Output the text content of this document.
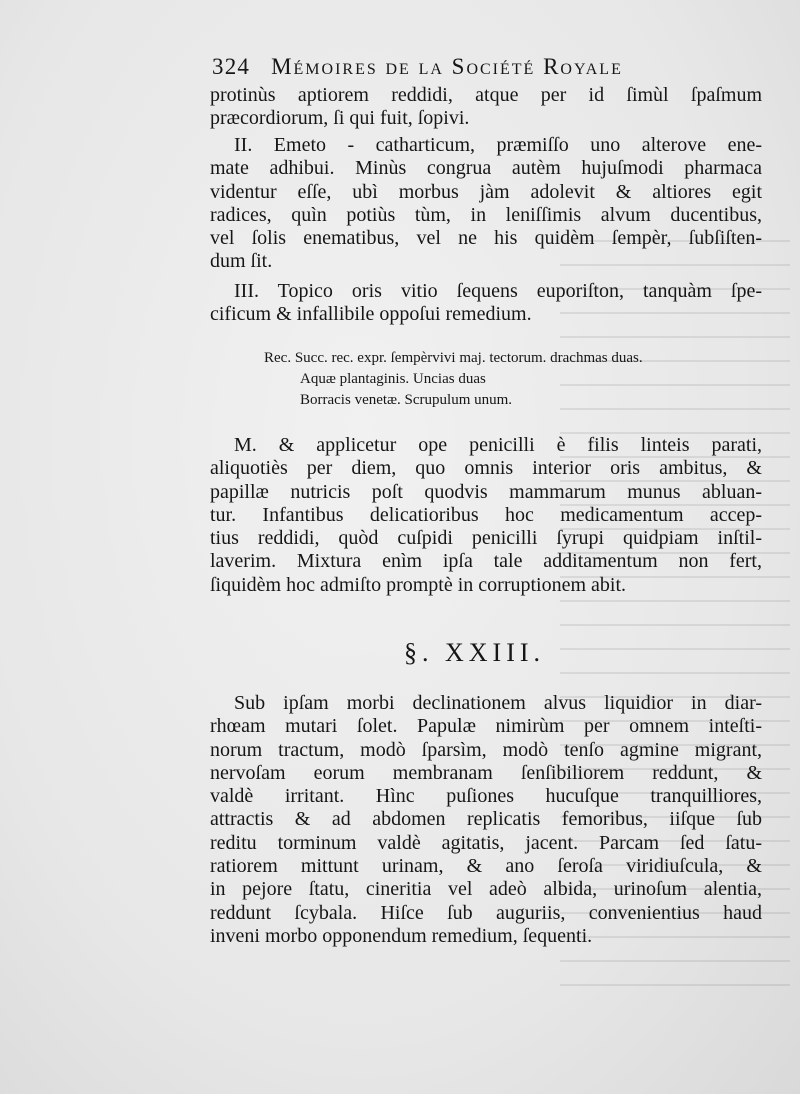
324 Mémoires de la Société Royale
protinùs aptiorem reddidi, atque per id ſimùl ſpaſmum
præcordiorum, ſi qui fuit, ſopivi.
II. Emeto - catharticum, præmiſſo uno alterove ene-
mate adhibui. Minùs congrua autèm hujuſmodi pharmaca
videntur eſſe, ubì morbus jàm adolevit & altiores egit
radices, quìn potiùs tùm, in leniſſimis alvum ducentibus,
vel ſolis enematibus, vel ne his quidèm ſempèr, ſubſiſten-
dum ſit.
III. Topico oris vitio ſequens euporiſton, tanquàm ſpe-
cificum & infallibile oppoſui remedium.
Rec. Succ. rec. expr. ſempèrvivi maj. tectorum. drachmas duas.
Aquæ plantaginis. Uncias duas
Borracis venetæ. Scrupulum unum.
M. & applicetur ope penicilli è filis linteis parati,
aliquotiès per diem, quo omnis interior oris ambitus, &
papillæ nutricis poſt quodvis mammarum munus abluan-
tur. Infantibus delicatioribus hoc medicamentum accep-
tius reddidi, quòd cuſpidi penicilli ſyrupi quidpiam inſtil-
laverim. Mixtura enìm ipſa tale additamentum non fert,
ſiquidèm hoc admiſto promptè in corruptionem abit.
§. XXIII.
Sub ipſam morbi declinationem alvus liquidior in diar-
rhœam mutari ſolet. Papulæ nimirùm per omnem inteſti-
norum tractum, modò ſparsìm, modò tenſo agmine migrant,
nervoſam eorum membranam ſenſibiliorem reddunt, &
valdè irritant. Hìnc puſiones hucuſque tranquilliores,
attractis & ad abdomen replicatis femoribus, iiſque ſub
reditu torminum valdè agitatis, jacent. Parcam ſed ſatu-
ratiorem mittunt urinam, & ano ſeroſa viridiuſcula, &
in pejore ſtatu, cineritia vel adeò albida, urinoſum alentia,
reddunt ſcybala. Hiſce ſub auguriis, convenientius haud
inveni morbo opponendum remedium, ſequenti.
